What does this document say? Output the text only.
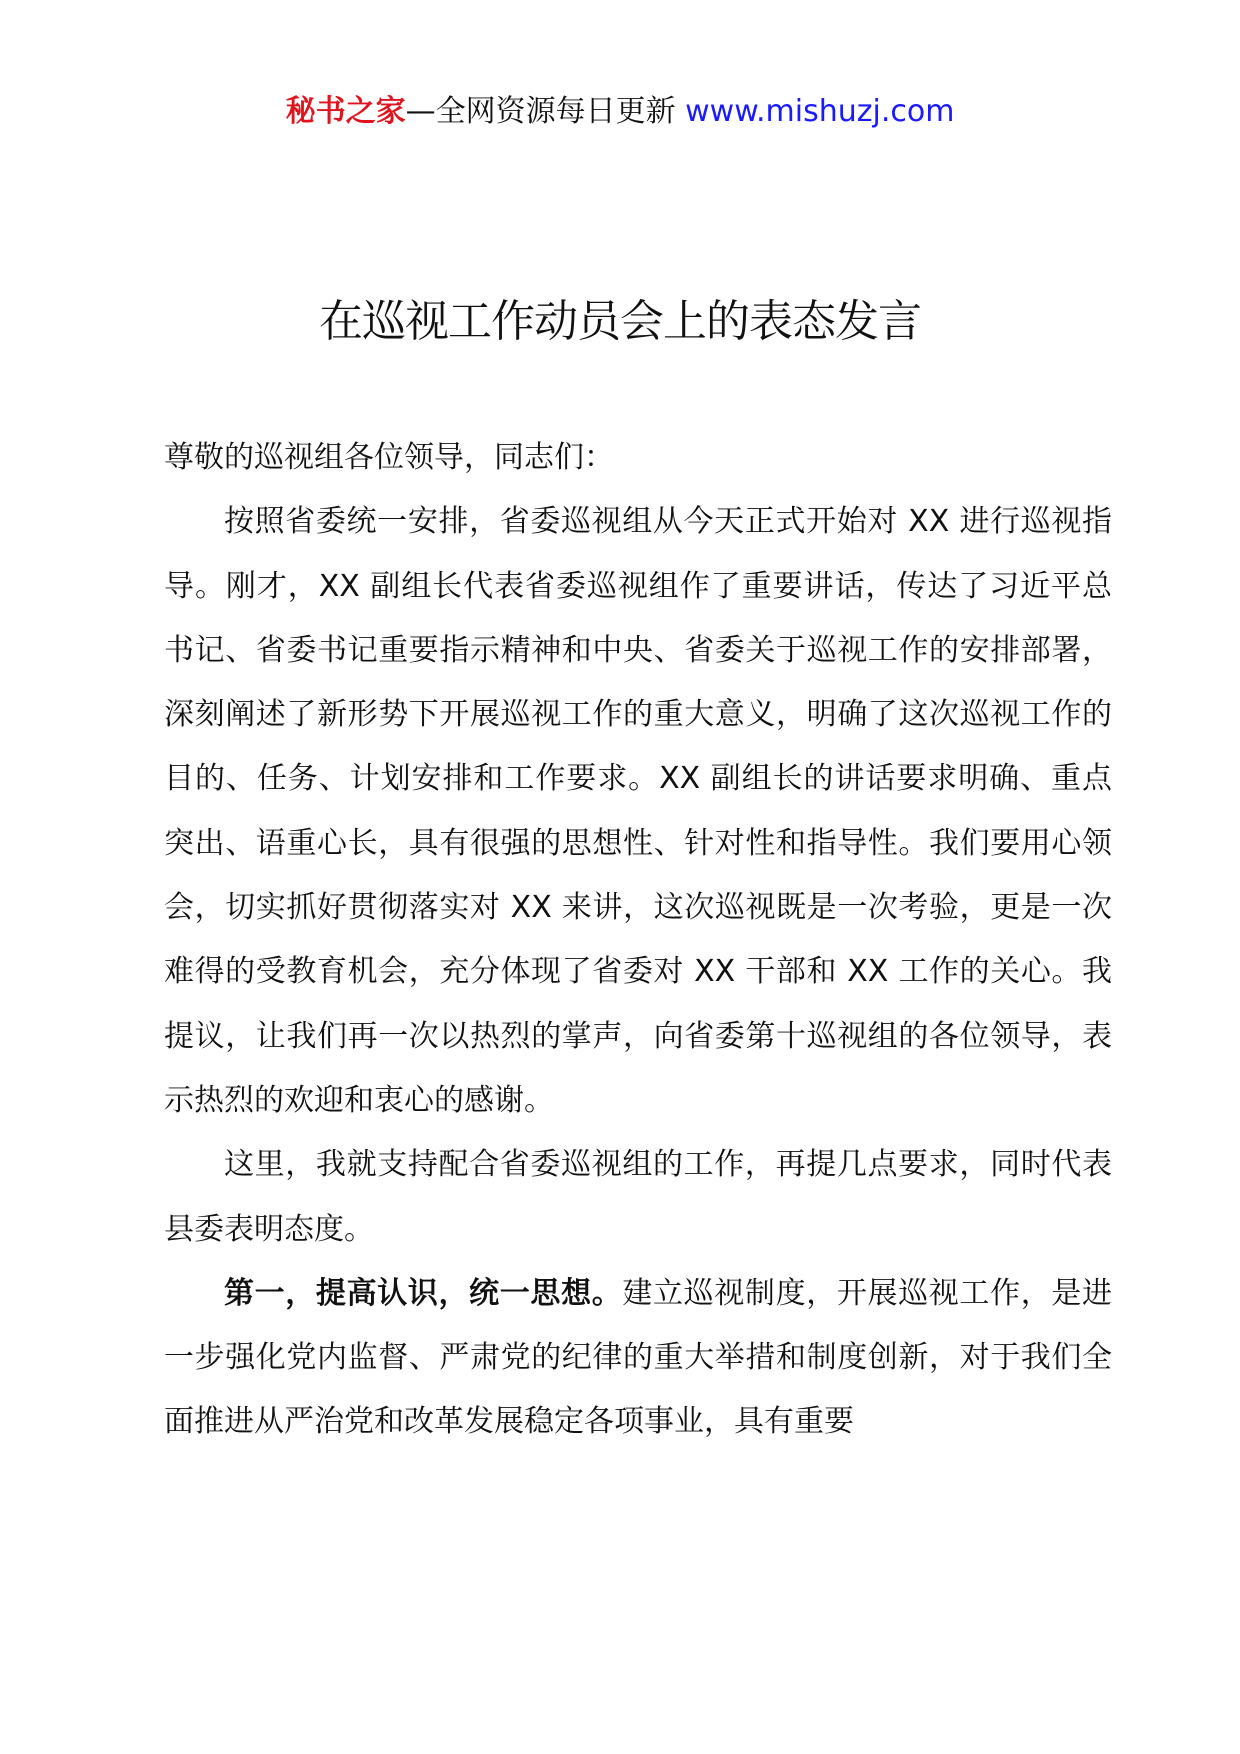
秘书之家—全网资源每日更新 www.mishuzj.com
在巡视工作动员会上的表态发言

尊敬的巡视组各位领导，同志们：

按照省委统一安排，省委巡视组从今天正式开始对 XX 进行巡视指导。刚才，XX 副组长代表省委巡视组作了重要讲话，传达了习近平总书记、省委书记重要指示精神和中央、省委关于巡视工作的安排部署，深刻阐述了新形势下开展巡视工作的重大意义，明确了这次巡视工作的目的、任务、计划安排和工作要求。XX 副组长的讲话要求明确、重点突出、语重心长，具有很强的思想性、针对性和指导性。我们要用心领会，切实抓好贯彻落实对 XX 来讲，这次巡视既是一次考验，更是一次难得的受教育机会，充分体现了省委对 XX 干部和 XX 工作的关心。我提议，让我们再一次以热烈的掌声，向省委第十巡视组的各位领导，表示热烈的欢迎和衷心的感谢。

这里，我就支持配合省委巡视组的工作，再提几点要求，同时代表县委表明态度。

第一，提高认识，统一思想。建立巡视制度，开展巡视工作，是进一步强化党内监督、严肃党的纪律的重大举措和制度创新，对于我们全面推进从严治党和改革发展稳定各项事业，具有重要
